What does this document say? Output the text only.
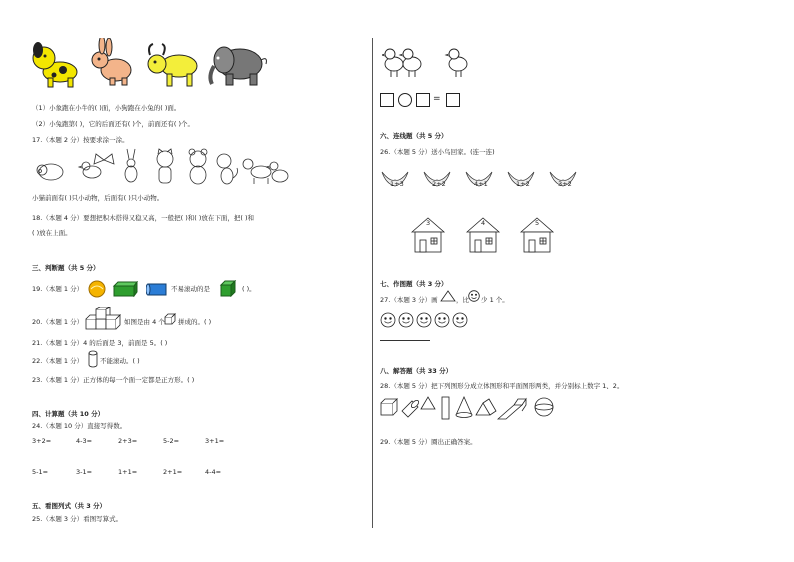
（1）小象跑在小牛的( )面，小狗跑在小兔的( )面。
（2）小兔跑第( )，它的后面还有( )个，前面还有( )个。
17.（本题 2 分）按要求涂一涂。
小猫前面有( )只小动物，后面有( )只小动物。
18.（本题 4 分）要想把积木搭得又稳又高，一般把( )和( )放在下面，把( )和
( )放在上面。
三、判断题（共 5 分）
19.（本题 1 分）	不易滚动的是	( )。
20.（本题 1 分）	如图是由 4 个 拼成的。( )
21.（本题 1 分）4 的后面是 3，前面是 5。( )
22.（本题 1 分）	不能滚动。( )
23.（本题 1 分）正方体的每一个面一定都是正方形。( )
四、计算题（共 10 分）
24.（本题 10 分）直接写得数。
3+2=	4-3=	2+3=	5-2=	3+1=
5-1=	3-1=	1+1=	2+1=	4-4=
五、看图列式（共 3 分）
25.（本题 3 分）看图写算式。
=
六、连线题（共 5 分）
26.（本题 5 分）送小鸟回家。(连一连)
1+3	2+2	4+1	1+2	3+2
3	4	5
七、作图题（共 3 分）
27.（本题 3 分）画	，比 少 1 个。
八、解答题（共 33 分）
28.（本题 5 分）把下列图形分成立体图形和平面图形两类，并分别标上数字 1、2。
29.（本题 5 分）圈出正确答案。
